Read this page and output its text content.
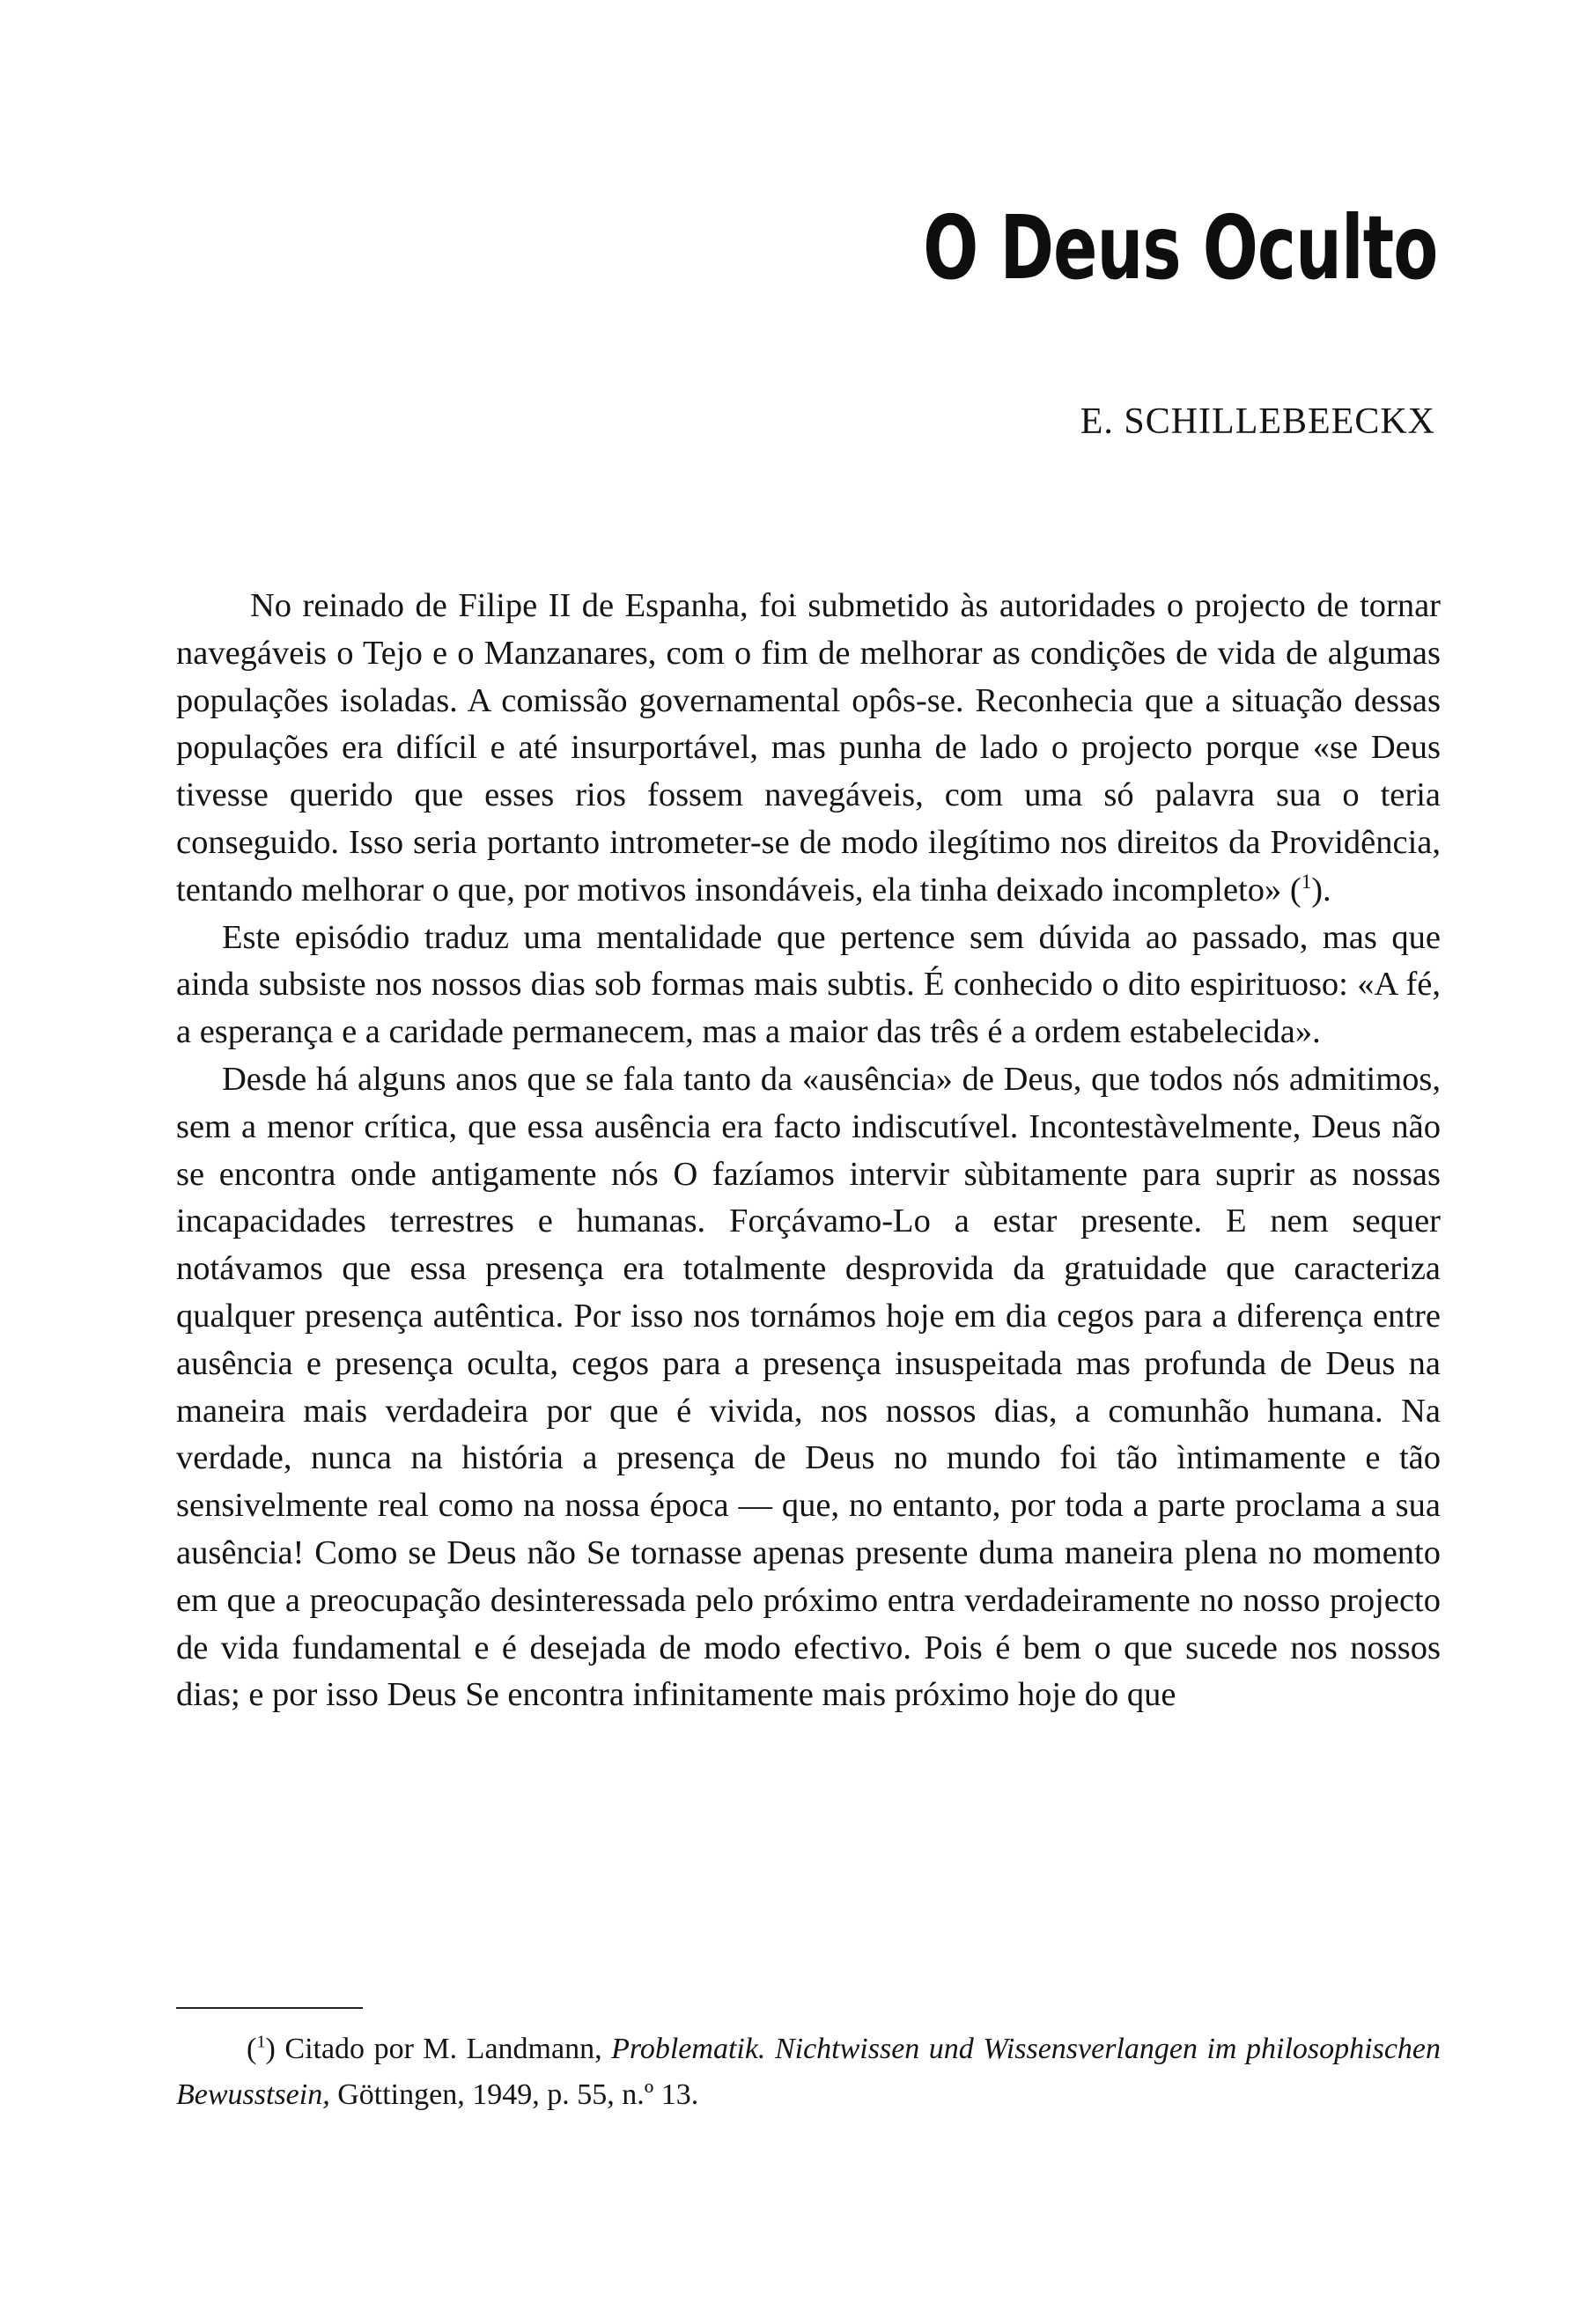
O Deus Oculto
E. SCHILLEBEECKX

No reinado de Filipe II de Espanha, foi submetido às autoridades o projecto de tornar navegáveis o Tejo e o Manzanares, com o fim de melhorar as condições de vida de algumas populações isoladas. A comissão governamental opôs-se. Reconhecia que a situação dessas populações era difícil e até insurportável, mas punha de lado o projecto porque «se Deus tivesse querido que esses rios fossem navegáveis, com uma só palavra sua o teria conseguido. Isso seria portanto intrometer-se de modo ilegítimo nos direitos da Providência, tentando melhorar o que, por motivos insondáveis, ela tinha deixado incompleto» ($^1$).

Este episódio traduz uma mentalidade que pertence sem dúvida ao passado, mas que ainda subsiste nos nossos dias sob formas mais subtis. É conhecido o dito espirituoso: «A fé, a esperança e a caridade permanecem, mas a maior das três é a ordem estabelecida».

Desde há alguns anos que se fala tanto da «ausência» de Deus, que todos nós admitimos, sem a menor crítica, que essa ausência era facto indiscutível. Incontestàvelmente, Deus não se encontra onde antigamente nós O fazíamos intervir sùbitamente para suprir as nossas incapacidades terrestres e humanas. Forçávamo-Lo a estar presente. E nem sequer notávamos que essa presença era totalmente desprovida da gratuidade que caracteriza qualquer presença autêntica. Por isso nos tornámos hoje em dia cegos para a diferença entre ausência e presença oculta, cegos para a presença insuspeitada mas profunda de Deus na maneira mais verdadeira por que é vivida, nos nossos dias, a comunhão humana. Na verdade, nunca na história a presença de Deus no mundo foi tão ìntimamente e tão sensivelmente real como na nossa época — que, no entanto, por toda a parte proclama a sua ausência! Como se Deus não Se tornasse apenas presente duma maneira plena no momento em que a preocupação desinteressada pelo próximo entra verdadeiramente no nosso projecto de vida fundamental e é desejada de modo efectivo. Pois é bem o que sucede nos nossos dias; e por isso Deus Se encontra infinitamente mais próximo hoje do que

($^1$) Citado por M. Landmann, Problematik. Nichtwissen und Wissensverlangen im philosophischen Bewusstsein, Göttingen, 1949, p. 55, n.º 13.
